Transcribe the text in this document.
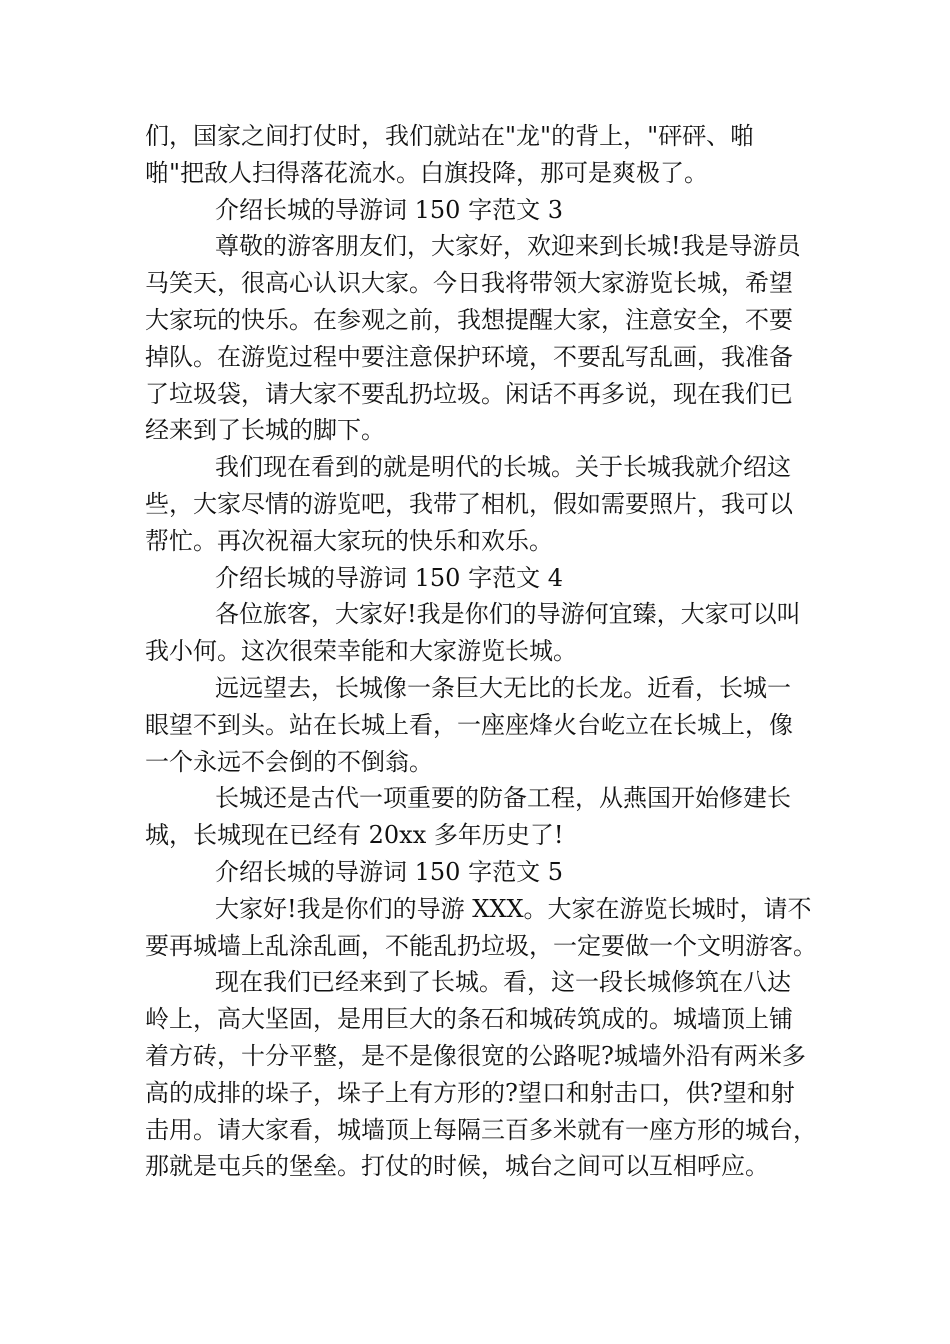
们，国家之间打仗时，我们就站在"龙"的背上，"砰砰、啪
啪"把敌人扫得落花流水。白旗投降，那可是爽极了。
介绍长城的导游词 150 字范文 3
尊敬的游客朋友们，大家好，欢迎来到长城!我是导游员
马笑天，很高心认识大家。今日我将带领大家游览长城，希望
大家玩的快乐。在参观之前，我想提醒大家，注意安全，不要
掉队。在游览过程中要注意保护环境，不要乱写乱画，我准备
了垃圾袋，请大家不要乱扔垃圾。闲话不再多说，现在我们已
经来到了长城的脚下。
我们现在看到的就是明代的长城。关于长城我就介绍这
些，大家尽情的游览吧，我带了相机，假如需要照片，我可以
帮忙。再次祝福大家玩的快乐和欢乐。
介绍长城的导游词 150 字范文 4
各位旅客，大家好!我是你们的导游何宜臻，大家可以叫
我小何。这次很荣幸能和大家游览长城。
远远望去，长城像一条巨大无比的长龙。近看，长城一
眼望不到头。站在长城上看，一座座烽火台屹立在长城上，像
一个永远不会倒的不倒翁。
长城还是古代一项重要的防备工程，从燕国开始修建长
城，长城现在已经有 20xx 多年历史了!
介绍长城的导游词 150 字范文 5
大家好!我是你们的导游 XXX。大家在游览长城时，请不
要再城墙上乱涂乱画，不能乱扔垃圾，一定要做一个文明游客。
现在我们已经来到了长城。看，这一段长城修筑在八达
岭上，高大坚固，是用巨大的条石和城砖筑成的。城墙顶上铺
着方砖，十分平整，是不是像很宽的公路呢?城墙外沿有两米多
高的成排的垛子，垛子上有方形的?望口和射击口，供?望和射
击用。请大家看，城墙顶上每隔三百多米就有一座方形的城台，
那就是屯兵的堡垒。打仗的时候，城台之间可以互相呼应。
